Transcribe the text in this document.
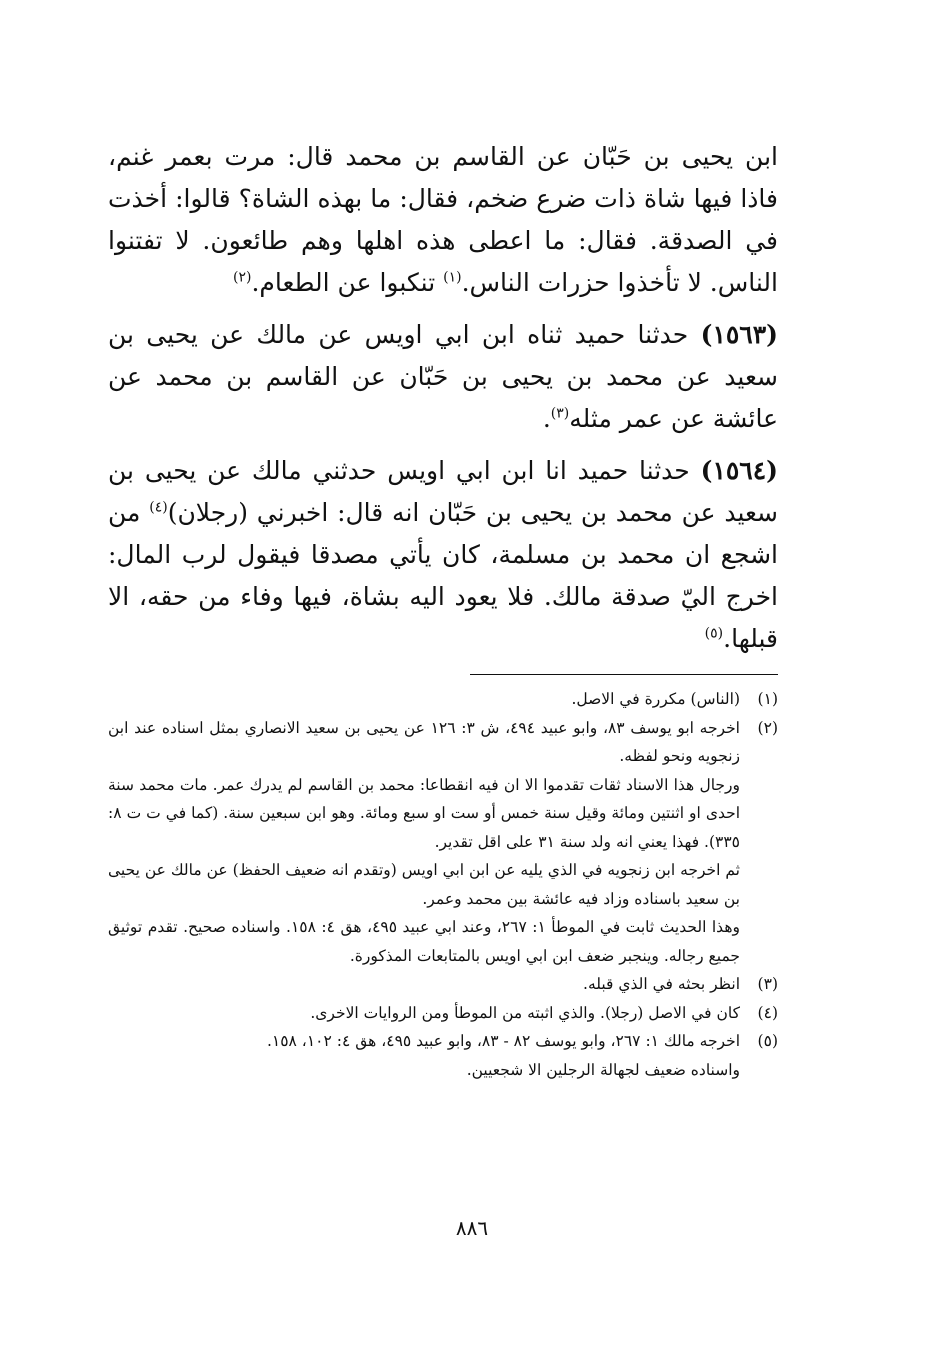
ابن يحيى بن حَبّان عن القاسم بن محمد قال: مرت بعمر غنم، فاذا فيها شاة ذات ضرع ضخم، فقال: ما بهذه الشاة؟ قالوا: أخذت في الصدقة. فقال: ما اعطى هذه اهلها وهم طائعون. لا تفتنوا الناس. لا تأخذوا حزرات الناس.$^{(١)}$ تنكبوا عن الطعام.$^{(٢)}$

(١٥٦٣) حدثنا حميد ثناه ابن ابي اويس عن مالك عن يحيى بن سعيد عن محمد بن يحيى بن حَبّان عن القاسم بن محمد عن عائشة عن عمر مثله$^{(٣)}$.

(١٥٦٤) حدثنا حميد انا ابن ابي اويس حدثني مالك عن يحيى بن سعيد عن محمد بن يحيى بن حَبّان انه قال: اخبرني (رجلان)$^{(٤)}$ من اشجع ان محمد بن مسلمة، كان يأتي مصدقا فيقول لرب المال: اخرج اليّ صدقة مالك. فلا يعود اليه بشاة، فيها وفاء من حقه، الا قبلها.$^{(٥)}$

(١)

(الناس) مكررة في الاصل.

(٢)

اخرجه ابو يوسف ٨٣، وابو عبيد ٤٩٤، ش ٣: ١٢٦ عن يحيى بن سعيد الانصاري بمثل اسناده عند ابن زنجويه ونحو لفظه.

ورجال هذا الاسناد ثقات تقدموا الا ان فيه انقطاعا: محمد بن القاسم لم يدرك عمر. مات محمد سنة احدى او اثنتين ومائة وقيل سنة خمس أو ست او سبع ومائة. وهو ابن سبعين سنة. (كما في ت ت ٨: ٣٣٥). فهذا يعني انه ولد سنة ٣١ على اقل تقدير.

ثم اخرجه ابن زنجويه في الذي يليه عن ابن ابي اويس (وتقدم انه ضعيف الحفظ) عن مالك عن يحيى بن سعيد باسناده وزاد فيه عائشة بين محمد وعمر.

وهذا الحديث ثابت في الموطأ ١: ٢٦٧، وعند ابي عبيد ٤٩٥، هق ٤: ١٥٨. واسناده صحيح. تقدم توثيق جميع رجاله. وينجبر ضعف ابن ابي اويس بالمتابعات المذكورة.

(٣)

انظر بحثه في الذي قبله.

(٤)

كان في الاصل (رجلا). والذي اثبته من الموطأ ومن الروايات الاخرى.

(٥)

اخرجه مالك ١: ٢٦٧، وابو يوسف ٨٢ - ٨٣، وابو عبيد ٤٩٥، هق ٤: ١٠٢، ١٥٨.

واسناده ضعيف لجهالة الرجلين الا شجعيين.

٨٨٦
